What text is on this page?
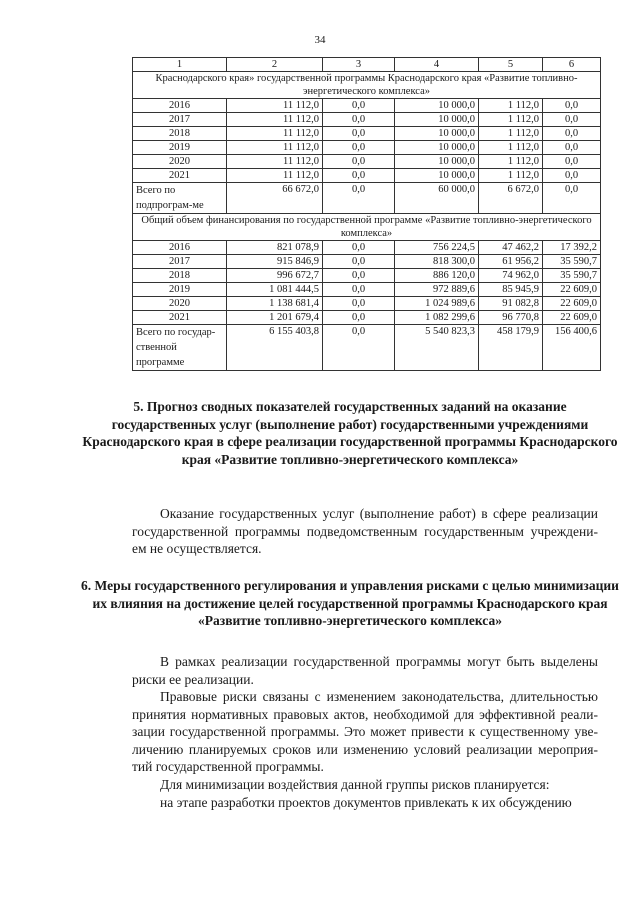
34
1	2	3	4	5	6
Краснодарского края» государственной программы Краснодарского края «Развитие топливно-энергетического комплекса»					
2016	11 112,0	0,0	10 000,0	1 112,0	0,0
2017	11 112,0	0,0	10 000,0	1 112,0	0,0
2018	11 112,0	0,0	10 000,0	1 112,0	0,0
2019	11 112,0	0,0	10 000,0	1 112,0	0,0
2020	11 112,0	0,0	10 000,0	1 112,0	0,0
2021	11 112,0	0,0	10 000,0	1 112,0	0,0
Всего по подпрограм-ме	66 672,0	0,0	60 000,0	6 672,0	0,0
Общий объем финансирования по государственной программе «Развитие топливно-энергетического комплекса»					
2016	821 078,9	0,0	756 224,5	47 462,2	17 392,2
2017	915 846,9	0,0	818 300,0	61 956,2	35 590,7
2018	996 672,7	0,0	886 120,0	74 962,0	35 590,7
2019	1 081 444,5	0,0	972 889,6	85 945,9	22 609,0
2020	1 138 681,4	0,0	1 024 989,6	91 082,8	22 609,0
2021	1 201 679,4	0,0	1 082 299,6	96 770,8	22 609,0
Всего по государ-ственной программе	6 155 403,8	0,0	5 540 823,3	458 179,9	156 400,6
5. Прогноз сводных показателей государственных заданий на оказание государственных услуг (выполнение работ) государственными учреждениями Краснодарского края в сфере реализации государственной программы Краснодарского края «Развитие топливно-энергетического комплекса»
Оказание государственных услуг (выполнение работ) в сфере реализации государственной программы подведомственным государственным учреждени-ем не осуществляется.
6. Меры государственного регулирования и управления рисками с целью минимизации их влияния на достижение целей государственной программы Краснодарского края «Развитие топливно-энергетического комплекса»
В рамках реализации государственной программы могут быть выделены риски ее реализации.
Правовые риски связаны с изменением законодательства, длительностью принятия нормативных правовых актов, необходимой для эффективной реали-зации государственной программы. Это может привести к существенному уве-личению планируемых сроков или изменению условий реализации мероприя-тий государственной программы.
Для минимизации воздействия данной группы рисков планируется:
на этапе разработки проектов документов привлекать к их обсуждению
